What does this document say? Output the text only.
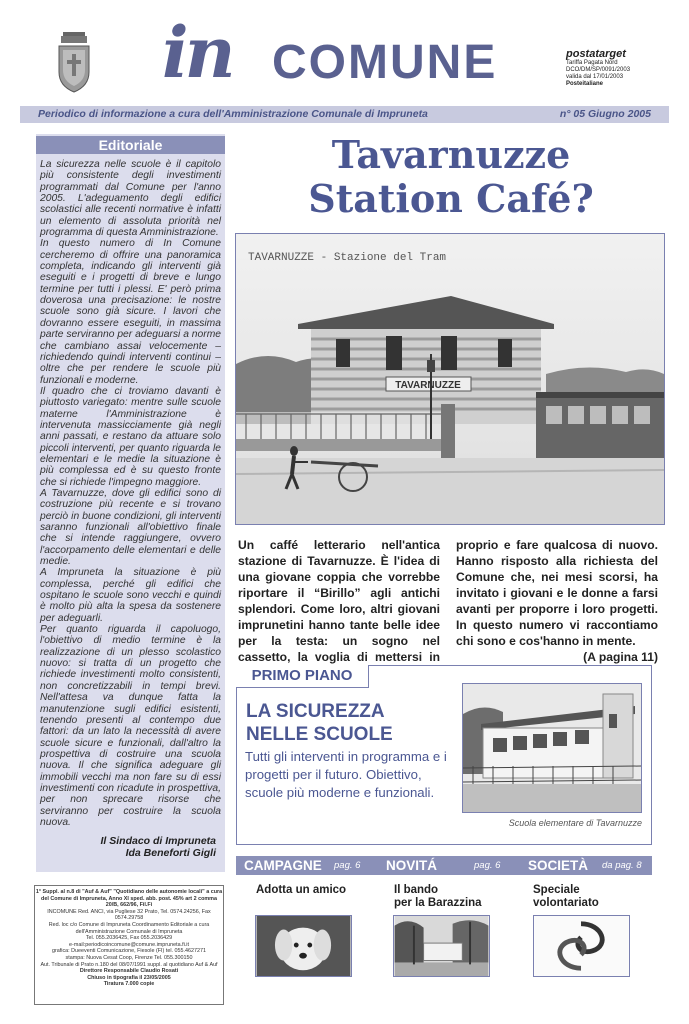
in COMUNE	postatarget
Tariffa Pagata Nord
DCO/DM/SP/0091/2003
valida dal 17/01/2003
Posteitaliane
Periodico di informazione a cura dell'Amministrazione Comunale di Impruneta	n° 05 Giugno 2005
Editoriale

La sicurezza nelle scuole è il capitolo più consistente degli investimenti programmati dal Comune per l'anno 2005. L'adeguamento degli edifici scolastici alle recenti normative è infatti un elemento di assoluta priorità nel programma di questa Amministrazione.

In questo numero di In Comune cercheremo di offrire una panoramica completa, indicando gli interventi già eseguiti e i progetti di breve e lungo termine per tutti i plessi. E' però prima doverosa una precisazione: le nostre scuole sono già sicure. I lavori che dovranno essere eseguiti, in massima parte serviranno per adeguarsi a norme che cambiano assai velocemente – richiedendo quindi interventi continui – oltre che per rendere le scuole più funzionali e moderne.

Il quadro che ci troviamo davanti è piuttosto variegato: mentre sulle scuole materne l'Amministrazione è intervenuta massicciamente già negli anni passati, e restano da attuare solo piccoli interventi, per quanto riguarda le elementari e le medie la situazione è più complessa ed è su questo fronte che si richiede l'impegno maggiore.

A Tavarnuzze, dove gli edifici sono di costruzione più recente e si trovano perciò in buone condizioni, gli interventi saranno funzionali all'obiettivo finale che si intende raggiungere, ovvero l'accorpamento delle elementari e delle medie.

A Impruneta la situazione è più complessa, perché gli edifici che ospitano le scuole sono vecchi e quindi è molto più alta la spesa da sostenere per adeguarli.

Per quanto riguarda il capoluogo, l'obiettivo di medio termine è la realizzazione di un plesso scolastico nuovo: si tratta di un progetto che richiede investimenti molto consistenti, non concretizzabili in tempi brevi. Nell'attesa va dunque fatta la manutenzione sugli edifici esistenti, tenendo presenti al contempo due fattori: da un lato la necessità di avere scuole sicure e funzionali, dall'altro la prospettiva di costruire una scuola nuova. Il che significa adeguare gli immobili vecchi ma non fare su di essi investimenti con ricadute in prospettiva, per non sprecare risorse che serviranno per costruire la scuola nuova.

Il Sindaco di Impruneta
Ida Beneforti Gigli
1° Suppl. al n.8 di "Auf & Auf" "Quotidiano delle autonomie locali" a cura del Comune di Impruneta, Anno XI sped. abb. post. 45% art 2 comma 20/B, 662/96, Fil.Fi
INCOMUNE Red. ANCI, via Pugliese 32 Prato, Tel. 0574.24256, Fax 0574.29758
Red. loc c/o Comune di Impruneta Coordinamento Editoriale a cura dell'Amministrazione Comunale di Impruneta
Tel. 055.2036425, Fax 055.2036429
e-mail:periodicoincomune@comune.impruneta.fi.it
grafica: Dueeventi Comunicazione, Fiesole (FI) tel. 055.4627271
stampa: Nuova Cesat Coop, Firenze Tel. 055.300150
Aut. Tribunale di Prato n.180 del 08/07/1991 suppl. al quotidiano Auf & Auf
Direttore Responsabile Claudio Rosati
Chiuso in tipografia il 23/05/2005
Tiratura 7.000 copie
Tavarnuzze
Station Café?
TAVARNUZZE
TAVARNUZZE - Stazione del Tram
Un caffé letterario nell'antica stazione di Tavarnuzze. È l'idea di una giovane coppia che vorrebbe riportare il “Birillo” agli antichi splendori. Come loro, altri giovani imprunetini hanno tante belle idee per la testa: un sogno nel cassetto, la voglia di mettersi in proprio e fare qualcosa di nuovo. Hanno risposto alla richiesta del Comune che, nei mesi scorsi, ha invitato i giovani e le donne a farsi avanti per proporre i loro progetti. In questo numero vi raccontiamo chi sono e cos'hanno in mente.
(A pagina 11)
PRIMO PIANO
LA SICUREZZA
NELLE SCUOLE
Tutti gli interventi in programma e i progetti per il futuro. Obiettivo, scuole più moderne e funzionali.
Scuola elementare di Tavarnuzze
CAMPAGNE pag. 6 NOVITÁ	pag. 6 SOCIETÀ da pag. 8
Adotta un amico	Il bando
per la Barazzina
Speciale
volontariato
